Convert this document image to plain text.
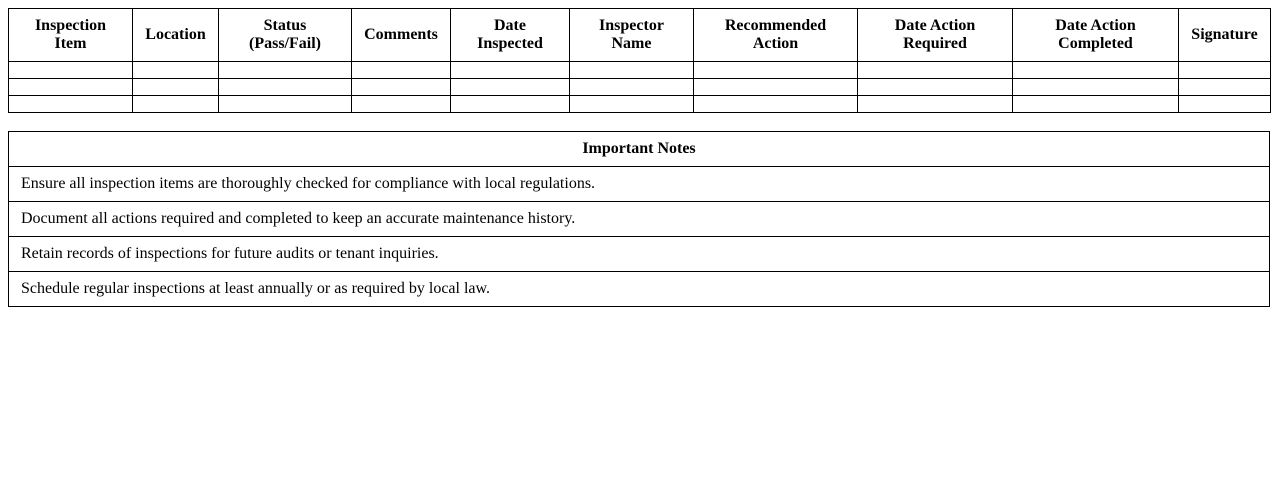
Inspection Item	Location	Status (Pass/Fail)	Comments	Date Inspected	Inspector Name	Recommended Action	Date Action Required	Date Action Completed	Signature

Important Notes
Ensure all inspection items are thoroughly checked for compliance with local regulations.
Document all actions required and completed to keep an accurate maintenance history.
Retain records of inspections for future audits or tenant inquiries.
Schedule regular inspections at least annually or as required by local law.
